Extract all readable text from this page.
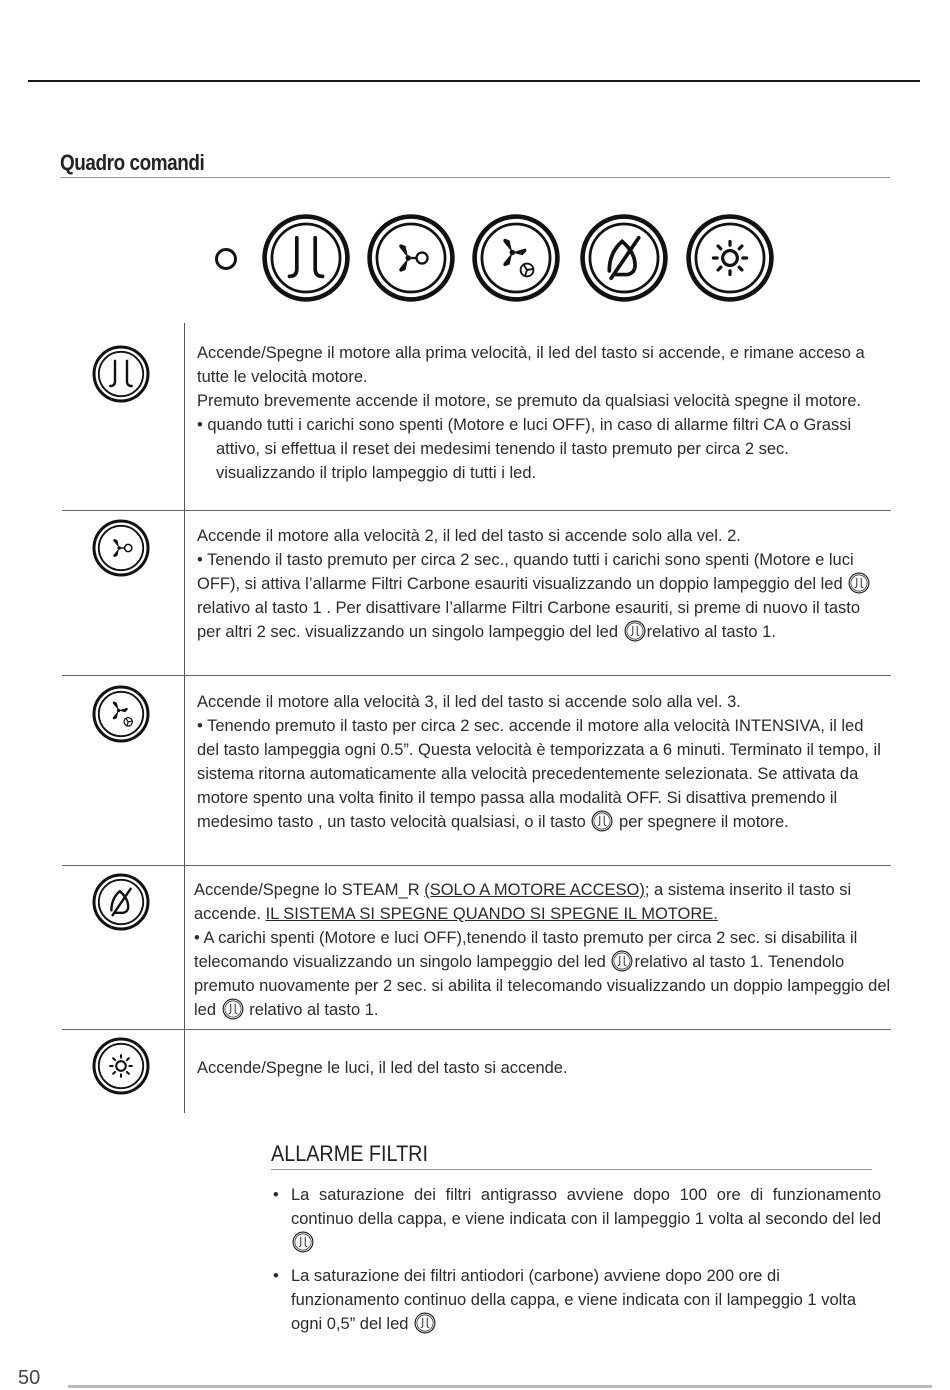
Quadro comandi

Accende/Spegne il motore alla prima velocità, il led del tasto si accende, e rimane acceso a tutte le velocità motore.

Premuto brevemente accende il motore, se premuto da qualsiasi velocità spegne il motore.

• quando tutti i carichi sono spenti (Motore e luci OFF), in caso di allarme filtri CA o Grassi attivo, si effettua il reset dei medesimi tenendo il tasto premuto per circa 2 sec. visualizzando il triplo lampeggio di tutti i led.

Accende il motore alla velocità 2, il led del tasto si accende solo alla vel. 2.

• Tenendo il tasto premuto per circa 2 sec., quando tutti i carichi sono spenti (Motore e luci OFF), si attiva l’allarme Filtri Carbone esauriti visualizzando un doppio lampeggio del led  relativo al tasto 1 . Per disattivare l’allarme Filtri Carbone esauriti, si preme di nuovo il tasto per altri 2 sec. visualizzando un singolo lampeggio del led relativo al tasto 1.

Accende il motore alla velocità 3, il led del tasto si accende solo alla vel. 3.

• Tenendo premuto il tasto per circa 2 sec. accende il motore alla velocità INTENSIVA, il led del tasto lampeggia ogni 0.5”. Questa velocità è temporizzata a 6 minuti. Terminato il tempo, il sistema ritorna automaticamente alla velocità precedentemente selezionata. Se attivata da motore spento una volta finito il tempo passa alla modalità OFF. Si disattiva premendo il medesimo tasto , un tasto velocità qualsiasi, o il tasto  per spegnere il motore.

Accende/Spegne lo STEAM_R (SOLO A MOTORE ACCESO); a sistema inserito il tasto si accende. IL SISTEMA SI SPEGNE QUANDO SI SPEGNE IL MOTORE.

• A carichi spenti (Motore e luci OFF),tenendo il tasto premuto per circa 2 sec. si disabilita il telecomando visualizzando un singolo lampeggio del led relativo al tasto 1. Tenendolo premuto nuovamente per 2 sec. si abilita il telecomando visualizzando un doppio lampeggio del led  relativo al tasto 1.

Accende/Spegne le luci, il led del tasto si accende.

ALLARME FILTRI
• La saturazione dei filtri antigrasso avviene dopo 100 ore di funzionamento continuo della cappa, e viene indicata con il lampeggio 1 volta al secondo del led
• La saturazione dei filtri antiodori (carbone) avviene dopo 200 ore di funzionamento continuo della cappa, e viene indicata con il lampeggio 1 volta ogni 0,5” del led
50
